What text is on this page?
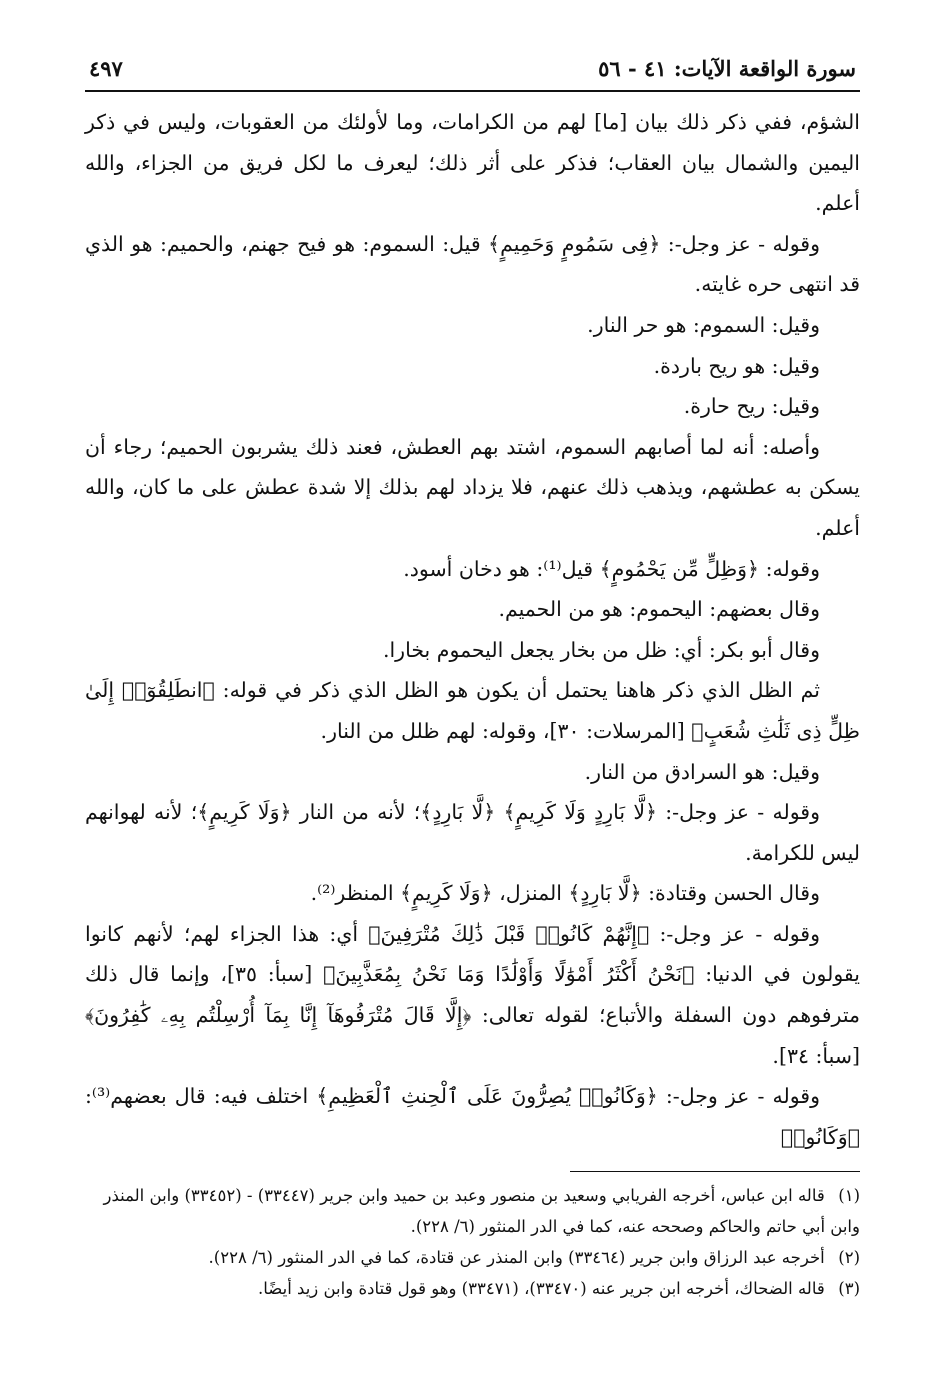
سورة الواقعة الآيات: ٤١ - ٥٦
٤٩٧

الشؤم، ففي ذكر ذلك بيان [ما] لهم من الكرامات، وما لأولئك من العقوبات، وليس في ذكر اليمين والشمال بيان العقاب؛ فذكر على أثر ذلك؛ ليعرف ما لكل فريق من الجزاء، والله أعلم.

وقوله - عز وجل-: ﴿فِى سَمُومٍ وَحَمِيمٍ﴾ قيل: السموم: هو فيح جهنم، والحميم: هو الذي قد انتهى حره غايته.

وقيل: السموم: هو حر النار.

وقيل: هو ريح باردة.

وقيل: ريح حارة.

وأصله: أنه لما أصابهم السموم، اشتد بهم العطش، فعند ذلك يشربون الحميم؛ رجاء أن يسكن به عطشهم، ويذهب ذلك عنهم، فلا يزداد لهم بذلك إلا شدة عطش على ما كان، والله أعلم.

وقوله: ﴿وَظِلٍّ مِّن يَحْمُومٍ﴾ قيل⁽¹⁾: هو دخان أسود.

وقال بعضهم: اليحموم: هو من الحميم.

وقال أبو بكر: أي: ظل من بخار يجعل اليحموم بخارا.

ثم الظل الذي ذكر هاهنا يحتمل أن يكون هو الظل الذي ذكر في قوله: ﴿انطَلِقُوٓا۟ إِلَىٰ ظِلٍّ ذِى ثَلَٰثِ شُعَبٍ﴾ [المرسلات: ٣٠]، وقوله: لهم ظلل من النار.

وقيل: هو السرادق من النار.

وقوله - عز وجل-: ﴿لَّا بَارِدٍ وَلَا كَرِيمٍ﴾ ﴿لَّا بَارِدٍ﴾؛ لأنه من النار ﴿وَلَا كَرِيمٍ﴾؛ لأنه لهوانهم ليس للكرامة.

وقال الحسن وقتادة: ﴿لَّا بَارِدٍ﴾ المنزل، ﴿وَلَا كَرِيمٍ﴾ المنظر⁽²⁾.

وقوله - عز وجل-: ﴿إِنَّهُمْ كَانُوا۟ قَبْلَ ذَٰلِكَ مُتْرَفِينَ﴾ أي: هذا الجزاء لهم؛ لأنهم كانوا يقولون في الدنيا: ﴿نَحْنُ أَكْثَرُ أَمْوَٰلًا وَأَوْلَٰدًا وَمَا نَحْنُ بِمُعَذَّبِينَ﴾ [سبأ: ٣٥]، وإنما قال ذلك مترفوهم دون السفلة والأتباع؛ لقوله تعالى: ﴿إِلَّا قَالَ مُتْرَفُوهَآ إِنَّا بِمَآ أُرْسِلْتُم بِهِۦ كَٰفِرُونَ﴾ [سبأ: ٣٤].

وقوله - عز وجل-: ﴿وَكَانُوا۟ يُصِرُّونَ عَلَى ٱلْحِنثِ ٱلْعَظِيمِ﴾ اختلف فيه: قال بعضهم⁽³⁾: ﴿وَكَانُوا۟

(١) قاله ابن عباس، أخرجه الفريابي وسعيد بن منصور وعبد بن حميد وابن جرير (٣٣٤٤٧) - (٣٣٤٥٢) وابن المنذر وابن أبي حاتم والحاكم وصححه عنه، كما في الدر المنثور (٦/ ٢٢٨).

(٢) أخرجه عبد الرزاق وابن جرير (٣٣٤٦٤) وابن المنذر عن قتادة، كما في الدر المنثور (٦/ ٢٢٨).

(٣) قاله الضحاك، أخرجه ابن جرير عنه (٣٣٤٧٠)، (٣٣٤٧١) وهو قول قتادة وابن زيد أيضًا.
